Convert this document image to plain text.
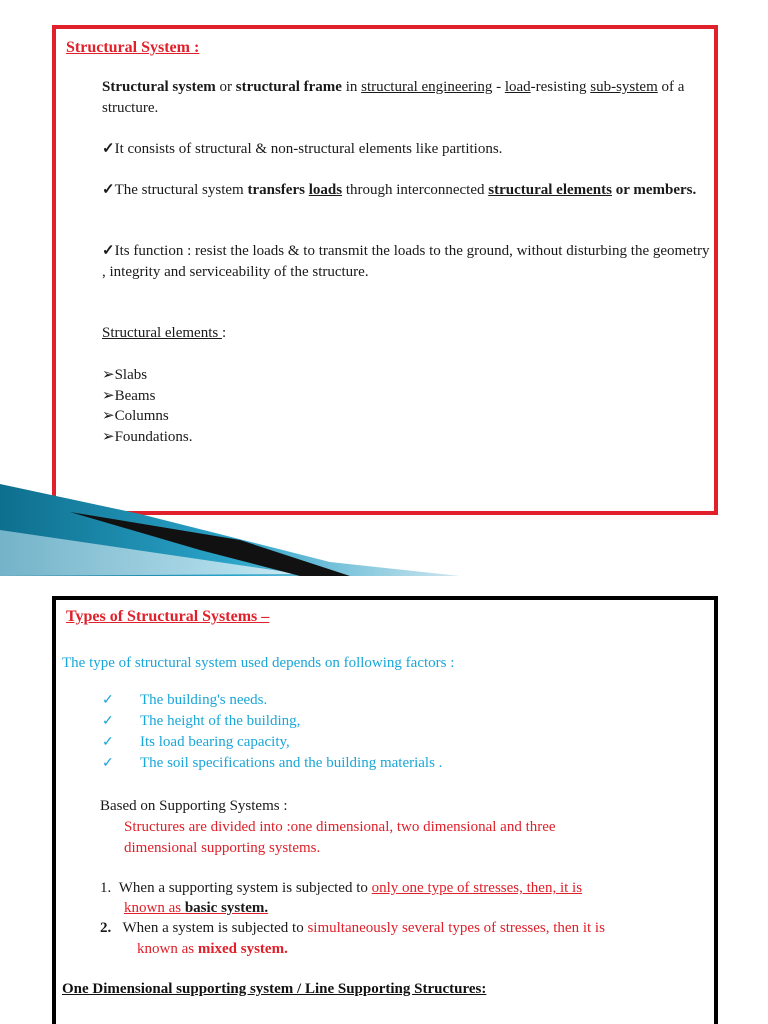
Structural System :
Structural system or structural frame in structural engineering - load-resisting sub-system of a structure.
✓ It consists of structural & non-structural elements like partitions.
✓ The structural system transfers loads through interconnected structural elements or members.
✓ Its function : resist the loads & to transmit the loads to the ground, without disturbing the geometry , integrity and serviceability of the structure.
Structural elements :
➢ Slabs
➢ Beams
➢ Columns
➢ Foundations.
Types of Structural Systems –
The type of structural system used depends on following factors :
✓ The building's needs.
✓ The height of the building,
✓ Its load bearing capacity,
✓ The soil specifications and the building materials .
Based on Supporting Systems :
Structures are divided into :one dimensional, two dimensional and three
dimensional supporting systems.
1. When a supporting system is subjected to only one type of stresses, then, it is
known as basic system.
2. When a system is subjected to simultaneously several types of stresses, then it is
known as mixed system.
One Dimensional supporting system / Line Supporting Structures:
